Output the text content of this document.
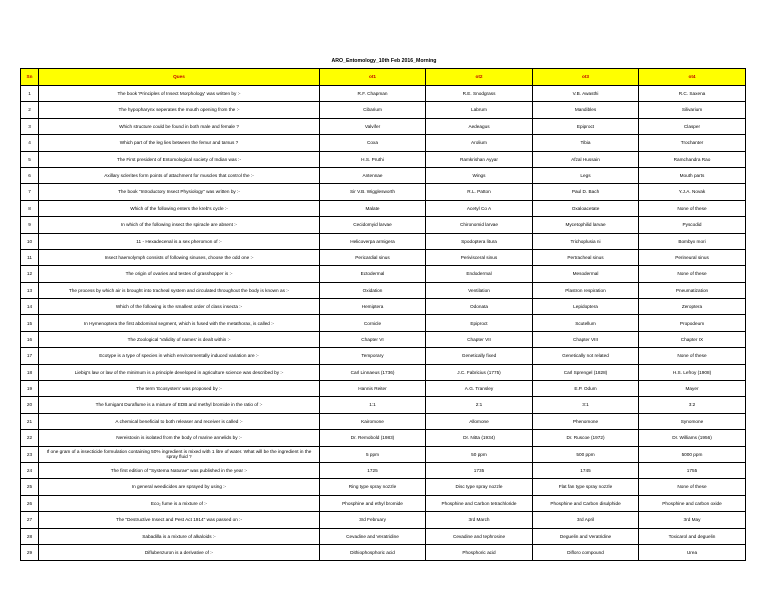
ARO_Entomology_10th Feb 2016_Morning
Sn	Ques	ot1	ot2	ot3	ot4
1	The book 'Principles of Insect Morphology' was written by :-	R.F. Chapman	R.E. Snodgrass	V.B. Awasthi	R.C. Saxena
2	The hypopharynx seperates the mouth opening from the :-	Cibarium	Labrum	Mandibles	Silivarium
3	Which structure could be found in both male and female ?	Valvifer	Aedeagus	Epiproct	Clasper
4	Which part of the leg lies between the femur and tarsus ?	Coxa	Arolium	Tibia	Trochanter
5	The First president of Entomological society of Indian was :-	H.S. Pruthi	Ramkrishan Ayyar	Afzal Hussain	Ramchandra Rao
6	Axillary sclerites form points of attachment for muscles that control the :-	Antennae	Wings	Legs	Mouth parts
7	The book "Introductory Insect Physiology" was written by :-	Sir V.B. Wigglesworth	R.L. Patton	Paul D. Bach	Y.J.A. Novak
8	Which of the following enters the kreb's cycle :-	Malate	Acetyl Co A	Oxaloacetate	None of these
9	In which of the following insect the spiracle are absent :-	Cecidomyid larvae	Chironomid larvae	Mycetophilid larvae	Pyscodid
10	11 - Hexadecenal is a sex pheromon of :-	Helicoverpa armigera	Spodoptera litura	Trichoplusia ni	Bombyx mori
11	Insect haemolymph consists of following sinuses, choose the odd one :-	Pericardial sinus	Perivisceral sinus	Pertracheal sinus	Perineural sinus
12	The origin of ovaries and testes of grasshopper is :-	Ectodermal	Endodermal	Mesodermal	None of these
13	The process by which air is brought into tracheal system and circulated throughout the body is known as :-	Oxidation	Ventilation	Plastron respiration	Pneumatization
14	Which of the following is the smallest order of class insecta :-	Hemiptera	Odonata	Lepidoptera	Zeroptera
15	In Hymenoptera the first abdominal segment, which is fused with the metathorax, is called :-	Cornicle	Epiproct	Scutellum	Propodeum
16	The Zoological 'Validity of names' is dealt within :-	Chapter VI	Chapter VII	Chapter VIII	Chapter IX
17	Ecotype is a type of species in which environmentally induced variation are :-	Temporary	Genetically fixed	Genetically not related	None of these
18	Liebig's law or law of the minimum is a principle developed in agriculture science was described by :-	Carl Linnaeus (1736)	J.C. Fabricius (1775)	Carl Sprengel (1828)	H.S. Lefroy (1908)
19	The term 'Ecosystem' was proposed by :-	Hannis Reiter	A.G. Transley	E.P. Odum	Mayer
20	The fumigant Duraflume is a mixture of EDB and methyl bromide in the ratio of :-	1:1	2:1	3:1	3:2
21	A chemical beneficial to both releaser and receiver is called :-	Kairomone	Allomone	Phenomone	Synomone
22	Nereistoxin is isolated from the body of marine annelids by :-	Dr. Remobold (1983)	Dr. Nitta (1934)	Dr. Ruscoe (1972)	Dr. Williams (1956)
23	If one gram of a insecticide formulation containing 50% ingredient is mixed with 1 litre of water. What will be the ingredient in the spray fluid ?	5 ppm	50 ppm	500 ppm	5000 ppm
24	The first edition of "Systema Naturae" was published in the year :-	1725	1735	1745	1755
25	In general weedicides are sprayed by using :-	Ring type spray nozzle	Disc type spray nozzle	Flat fan type spray nozzle	None of these
26	Eco₂ fume is a mixture of :-	Phosphine and ethyl bromide	Phosphine and Carbon tetrachloride	Phosphine and Carbon disulphide	Phosphine and carbon oxide
27	The "Destructive Insect and Pest Act 1914" was passed on :-	3rd February	3rd March	3rd April	3rd May
28	Sabadilla is a mixture of alkaloids :-	Cevadine and Veratridine	Cevadine and tephrosine	Deguelin and Veratridine	Toxicarol and deguelin
29	Diflubenzuron is a derivative of :-	Dithiophosphoric acid	Phosphoric acid	Difloro compound	Urea
